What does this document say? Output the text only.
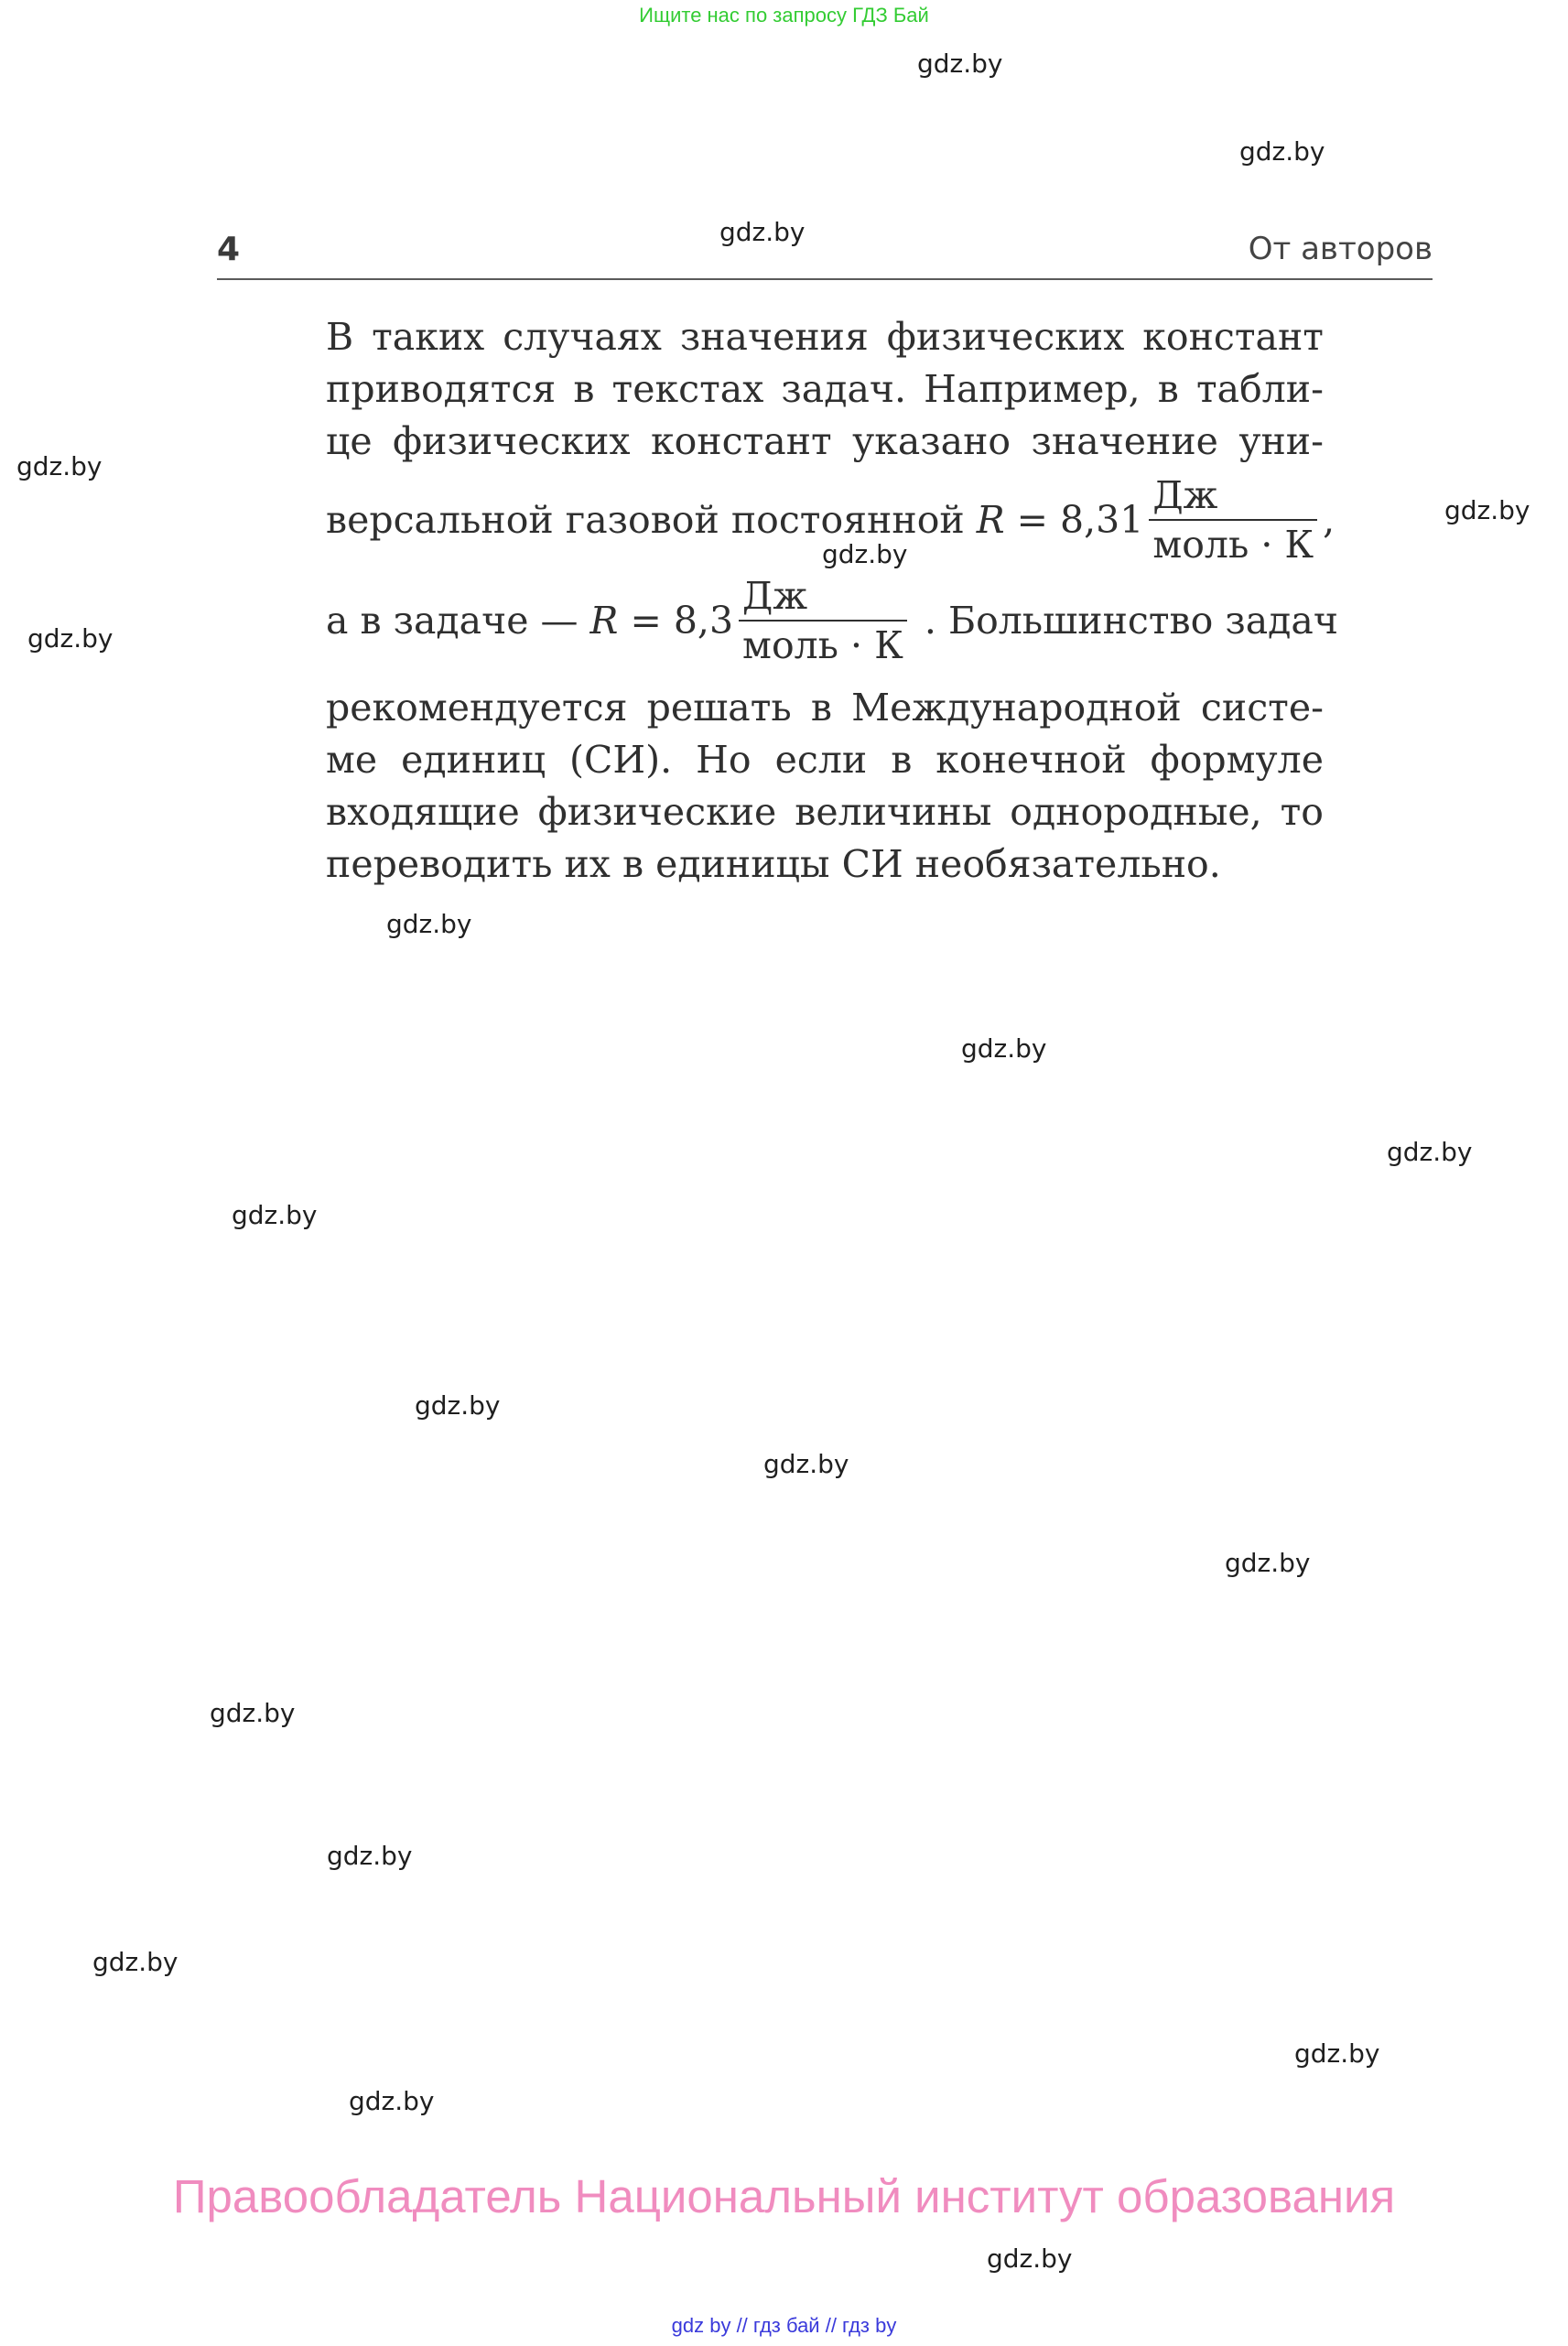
Ищите нас по запросу ГДЗ Бай
gdz.by
gdz.by
gdz.by
gdz.by
gdz.by
gdz.by
gdz.by
gdz.by
gdz.by
gdz.by
gdz.by
gdz.by
gdz.by
gdz.by
gdz.by
gdz.by
gdz.by
gdz.by
gdz.by
gdz.by
4	От авторов
В таких случаях значения физических констант
приводятся в текстах задач. Например, в табли-
це физических констант указано значение уни-
версальной газовой постоянной $R = 8,31 \frac{Дж}{\text{моль · К}}$ ,
а в задаче — $R = 8,3 \frac{Дж}{\text{моль · К}}$ . Большинство задач
рекомендуется решать в Международной систе-
ме единиц (СИ). Но если в конечной формуле
входящие физические величины однородные, то
переводить их в единицы СИ необязательно.
Правообладатель Национальный институт образования
gdz by // гдз бай // гдз by
